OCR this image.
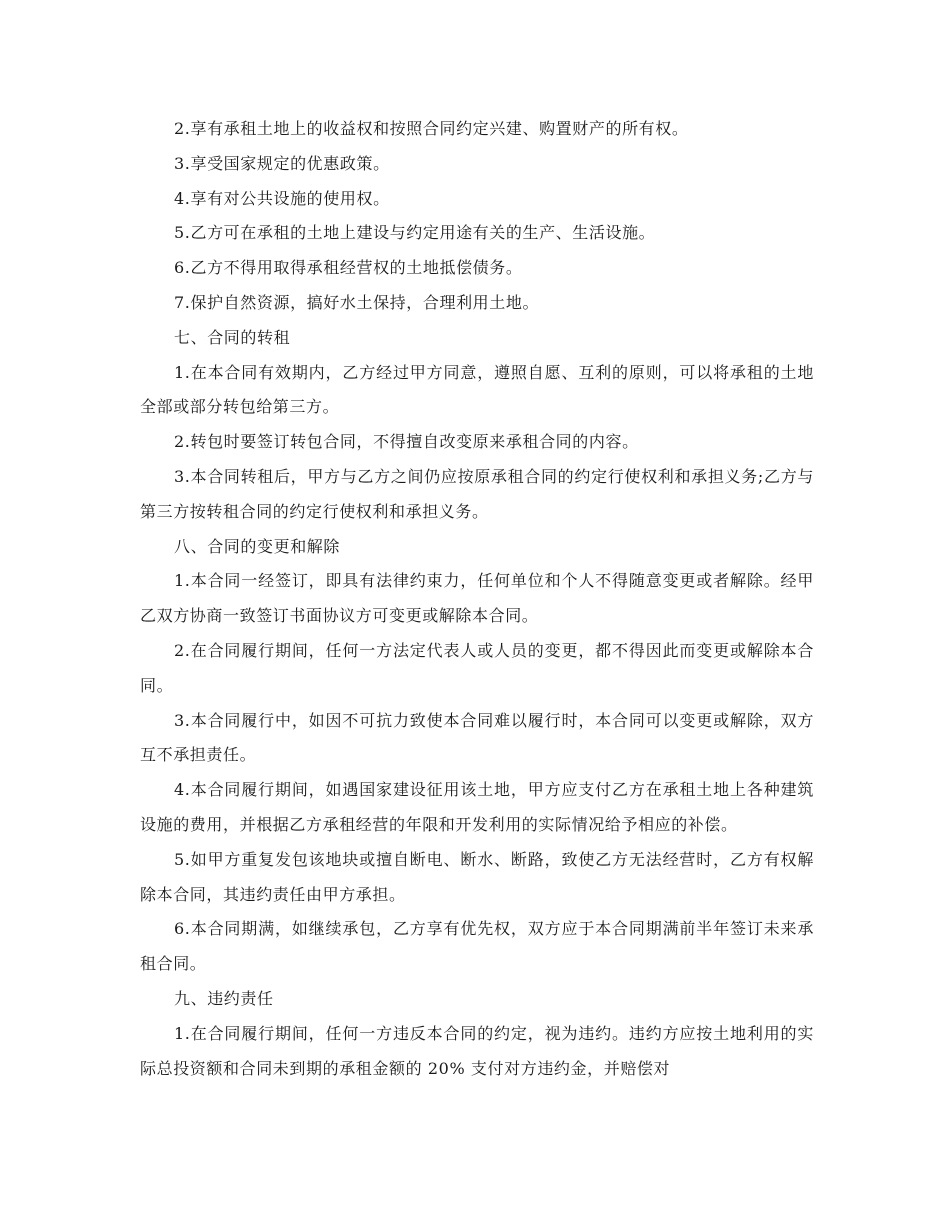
2.享有承租土地上的收益权和按照合同约定兴建、购置财产的所有权。

3.享受国家规定的优惠政策。

4.享有对公共设施的使用权。

5.乙方可在承租的土地上建设与约定用途有关的生产、生活设施。

6.乙方不得用取得承租经营权的土地抵偿债务。

7.保护自然资源，搞好水土保持，合理利用土地。

七、合同的转租

1.在本合同有效期内，乙方经过甲方同意，遵照自愿、互利的原则，可以将承租的土地全部或部分转包给第三方。

2.转包时要签订转包合同，不得擅自改变原来承租合同的内容。

3.本合同转租后，甲方与乙方之间仍应按原承租合同的约定行使权利和承担义务;乙方与第三方按转租合同的约定行使权利和承担义务。

八、合同的变更和解除

1.本合同一经签订，即具有法律约束力，任何单位和个人不得随意变更或者解除。经甲乙双方协商一致签订书面协议方可变更或解除本合同。

2.在合同履行期间，任何一方法定代表人或人员的变更，都不得因此而变更或解除本合同。

3.本合同履行中，如因不可抗力致使本合同难以履行时，本合同可以变更或解除，双方互不承担责任。

4.本合同履行期间，如遇国家建设征用该土地，甲方应支付乙方在承租土地上各种建筑设施的费用，并根据乙方承租经营的年限和开发利用的实际情况给予相应的补偿。

5.如甲方重复发包该地块或擅自断电、断水、断路，致使乙方无法经营时，乙方有权解除本合同，其违约责任由甲方承担。

6.本合同期满，如继续承包，乙方享有优先权，双方应于本合同期满前半年签订未来承租合同。

九、违约责任

1.在合同履行期间，任何一方违反本合同的约定，视为违约。违约方应按土地利用的实际总投资额和合同未到期的承租金额的 20% 支付对方违约金，并赔偿对
